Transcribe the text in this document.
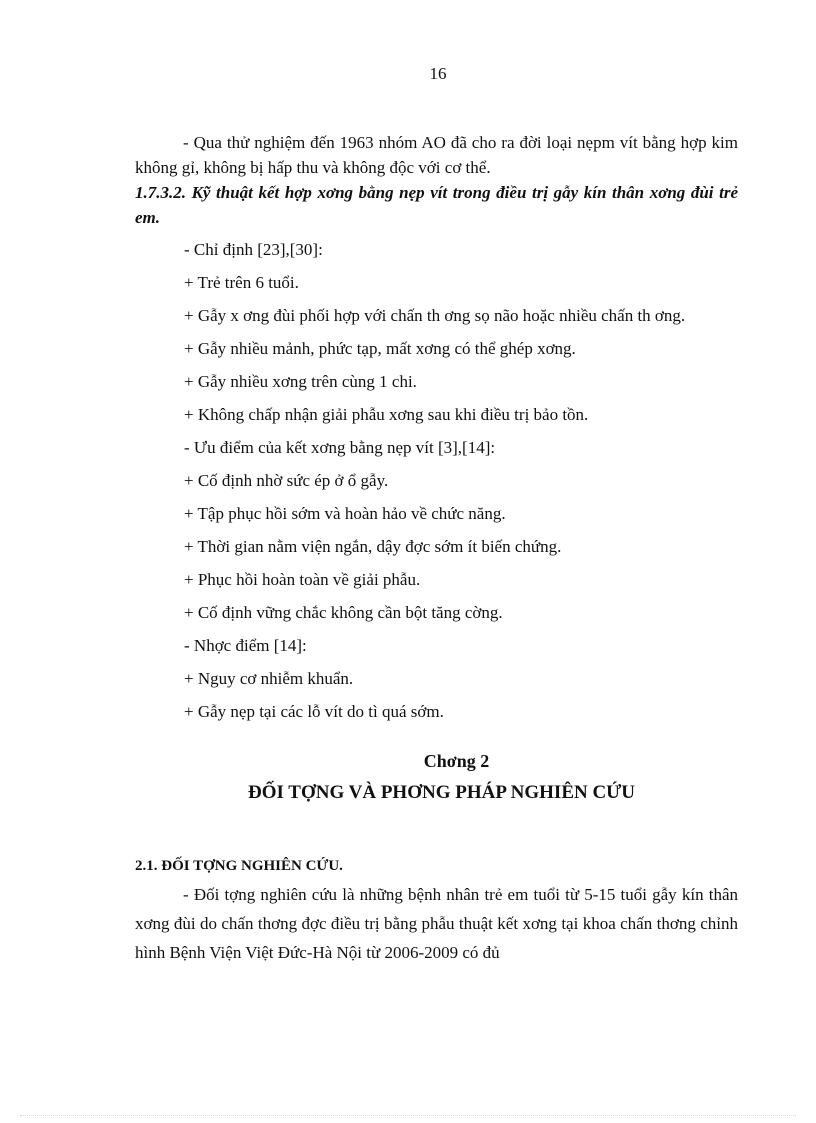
16

- Qua thử nghiệm đến 1963 nhóm AO đã cho ra đời loại nẹpm vít bằng hợp kim không gỉ, không bị hấp thu và không độc với cơ thể.

1.7.3.2. Kỹ thuật kết hợp xơng bằng nẹp vít trong điều trị gẫy kín thân xơng đùi trẻ em.

- Chỉ định [23],[30]:

+ Trẻ trên 6 tuổi.

+ Gẫy x ơng đùi phối hợp với chấn th ơng sọ não hoặc nhiều chấn th ơng.

+ Gẫy nhiều mảnh, phức tạp, mất xơng có thể ghép xơng.

+ Gẫy nhiều xơng trên cùng 1 chi.

+ Không chấp nhận giải phẫu xơng sau khi điều trị bảo tồn.

- Ưu điểm của kết xơng bằng nẹp vít [3],[14]:

+ Cố định nhờ sức ép ở ổ gẫy.

+ Tập phục hồi sớm và hoàn hảo về chức năng.

+ Thời gian nằm viện ngắn, dậy đợc sớm ít biến chứng.

+ Phục hồi hoàn toàn về giải phẫu.

+ Cố định vững chắc không cần bột tăng cờng.

- Nhợc điểm [14]:

+ Nguy cơ nhiễm khuẩn.

+ Gẫy nẹp tại các lỗ vít do tì quá sớm.

Chơng 2
ĐỐI TỢNG VÀ PHƠNG PHÁP NGHIÊN CỨU

2.1. ĐỐI TỢNG NGHIÊN CỨU.

- Đối tợng nghiên cứu là những bệnh nhân trẻ em tuổi từ 5-15 tuổi gẫy kín thân xơng đùi do chấn thơng đợc điều trị bằng phẫu thuật kết xơng tại khoa chấn thơng chỉnh hình Bệnh Viện Việt Đức-Hà Nội từ 2006-2009 có đủ
